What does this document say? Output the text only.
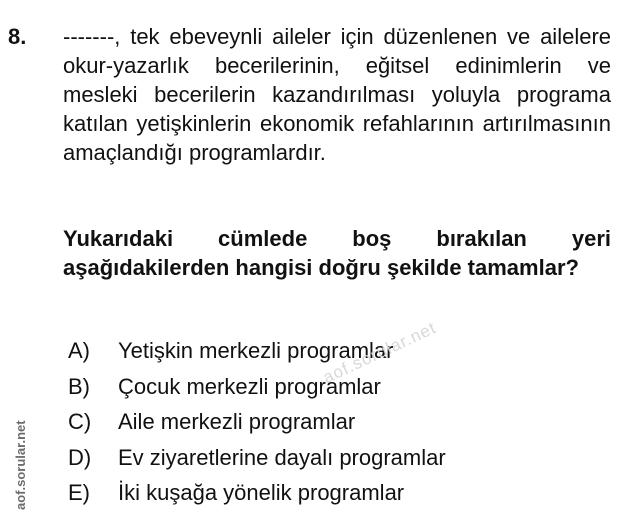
8. -------, tek ebeveynli aileler için düzenlenen ve ailelere okur-yazarlık becerilerinin, eğitsel edinimlerin ve mesleki becerilerin kazandırılması yoluyla programa katılan yetişkinlerin ekonomik refahlarının artırılmasının amaçlandığı programlardır.
Yukarıdaki cümlede boş bırakılan yeri aşağıdakilerden hangisi doğru şekilde tamamlar?
A)	Yetişkin merkezli programlar
B)	Çocuk merkezli programlar
C)	Aile merkezli programlar
D)	Ev ziyaretlerine dayalı programlar
E)	İki kuşağa yönelik programlar
aof.sorular.net
aof.sorular.net
